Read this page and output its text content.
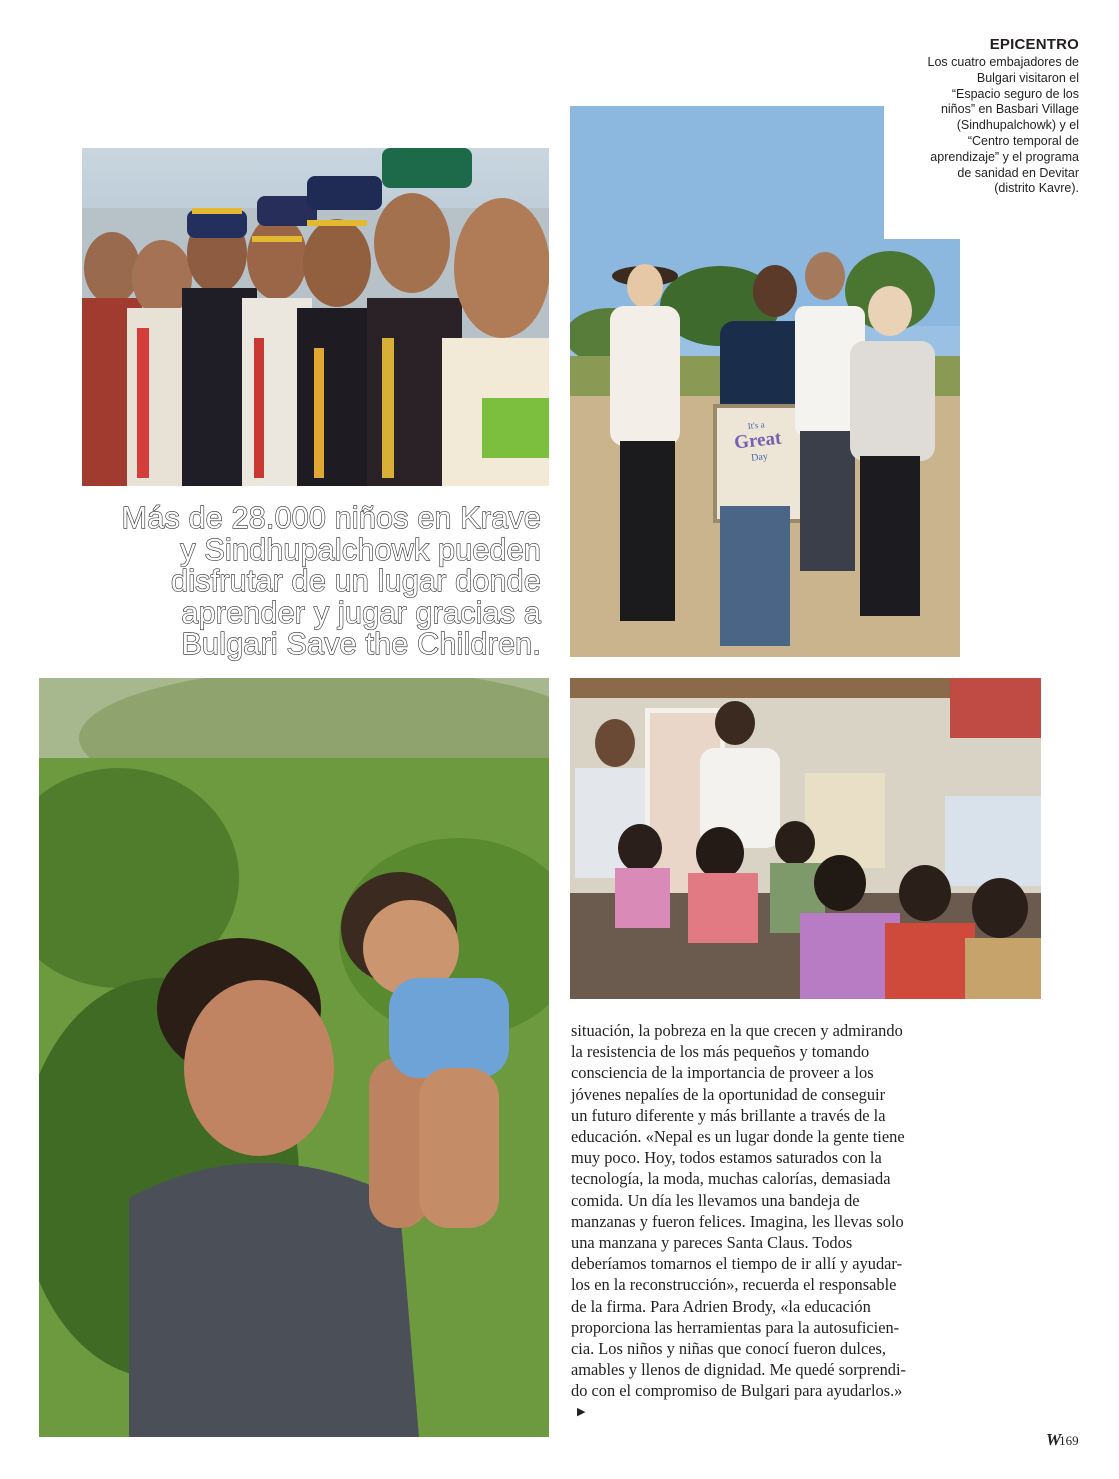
It's a
Great
Day
EPICENTRO
Los cuatro embajadores de
Bulgari visitaron el
“Espacio seguro de los
niños” en Basbari Village
(Sindhupalchowk) y el
“Centro temporal de
aprendizaje” y el programa
de sanidad en Devitar
(distrito Kavre).
Más de 28.000 niños en Krave
y Sindhupalchowk pueden
disfrutar de un lugar donde
aprender y jugar gracias a
Bulgari Save the Children.
situación, la pobreza en la que crecen y admirando
la resistencia de los más pequeños y tomando
consciencia de la importancia de proveer a los
jóvenes nepalíes de la oportunidad de conseguir
un futuro diferente y más brillante a través de la
educación. «Nepal es un lugar donde la gente tiene
muy poco. Hoy, todos estamos saturados con la
tecnología, la moda, muchas calorías, demasiada
comida. Un día les llevamos una bandeja de
manzanas y fueron felices. Imagina, les llevas solo
una manzana y pareces Santa Claus. Todos
deberíamos tomarnos el tiempo de ir allí y ayudar-
los en la reconstrucción», recuerda el responsable
de la firma. Para Adrien Brody, «la educación
proporciona las herramientas para la autosuficien-
cia. Los niños y niñas que conocí fueron dulces,
amables y llenos de dignidad. Me quedé sorprendi-
do con el compromiso de Bulgari para ayudarlos.»
▶
W169
